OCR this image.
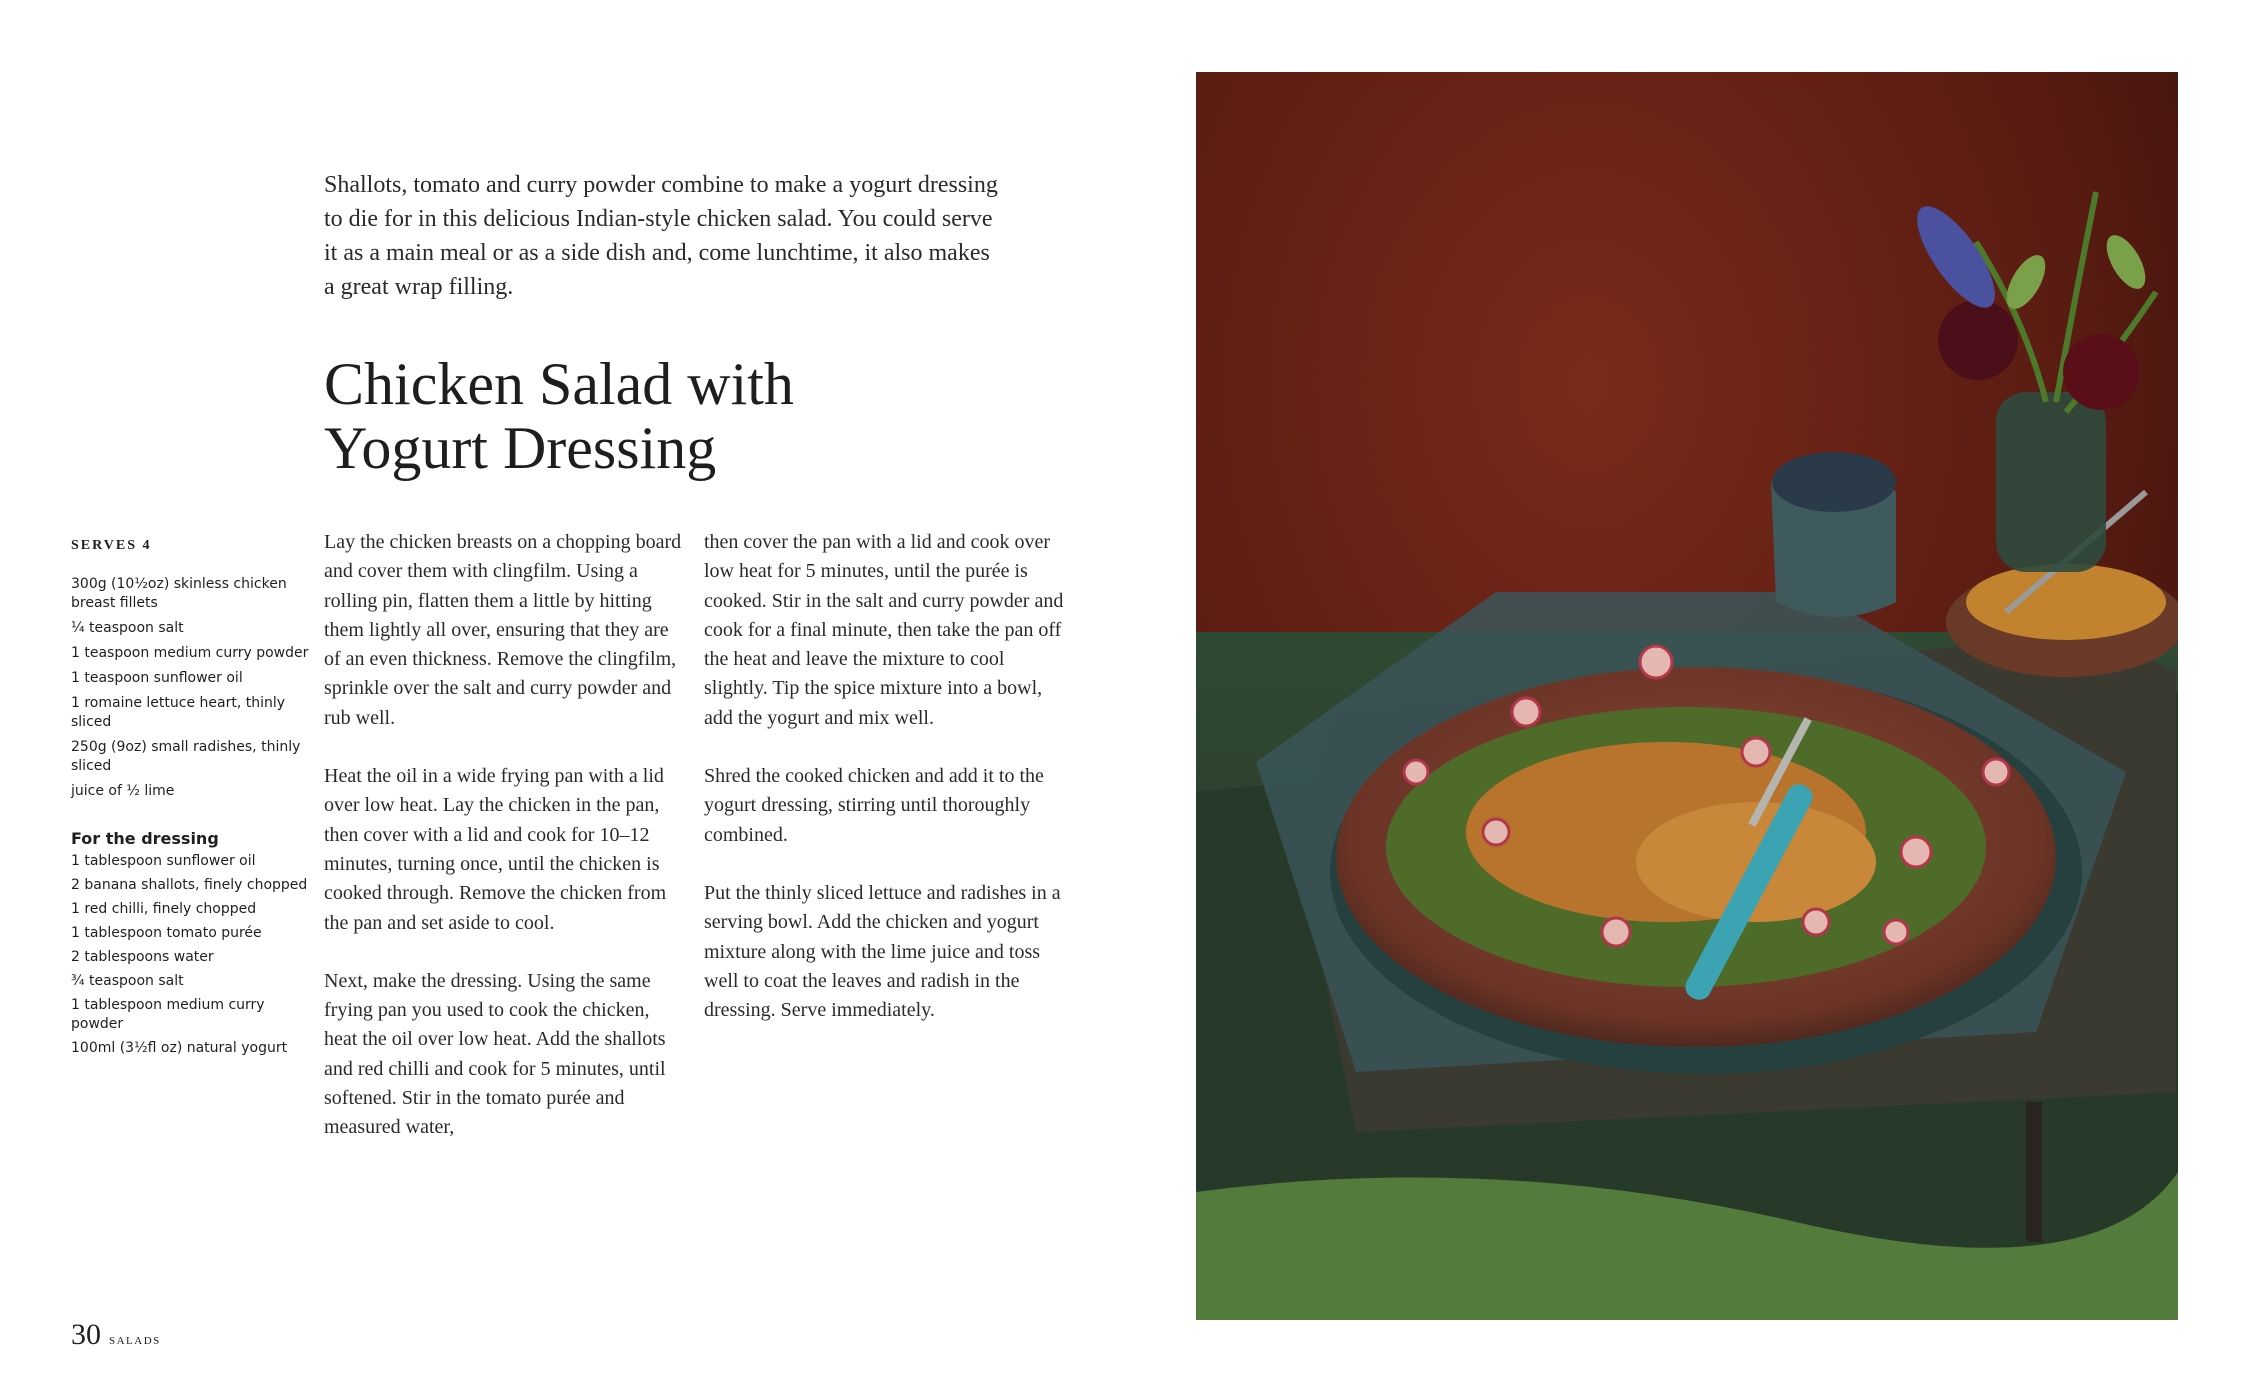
Shallots, tomato and curry powder combine to make a yogurt dressing to die for in this delicious Indian-style chicken salad. You could serve it as a main meal or as a side dish and, come lunchtime, it also makes a great wrap filling.
Chicken Salad with
Yogurt Dressing
SERVES 4
300g (10½oz) skinless chicken breast fillets
¼ teaspoon salt
1 teaspoon medium curry powder
1 teaspoon sunflower oil
1 romaine lettuce heart, thinly sliced
250g (9oz) small radishes, thinly sliced
juice of ½ lime
For the dressing
1 tablespoon sunflower oil
2 banana shallots, finely chopped
1 red chilli, finely chopped
1 tablespoon tomato purée
2 tablespoons water
¾ teaspoon salt
1 tablespoon medium curry powder
100ml (3½fl oz) natural yogurt

Lay the chicken breasts on a chopping board and cover them with clingfilm. Using a rolling pin, flatten them a little by hitting them lightly all over, ensuring that they are of an even thickness. Remove the clingfilm, sprinkle over the salt and curry powder and rub well.

Heat the oil in a wide frying pan with a lid over low heat. Lay the chicken in the pan, then cover with a lid and cook for 10–12 minutes, turning once, until the chicken is cooked through. Remove the chicken from the pan and set aside to cool.

Next, make the dressing. Using the same frying pan you used to cook the chicken, heat the oil over low heat. Add the shallots and red chilli and cook for 5 minutes, until softened. Stir in the tomato purée and measured water,

then cover the pan with a lid and cook over low heat for 5 minutes, until the purée is cooked. Stir in the salt and curry powder and cook for a final minute, then take the pan off the heat and leave the mixture to cool slightly. Tip the spice mixture into a bowl, add the yogurt and mix well.

Shred the cooked chicken and add it to the yogurt dressing, stirring until thoroughly combined.

Put the thinly sliced lettuce and radishes in a serving bowl. Add the chicken and yogurt mixture along with the lime juice and toss well to coat the leaves and radish in the dressing. Serve immediately.

30 salads
